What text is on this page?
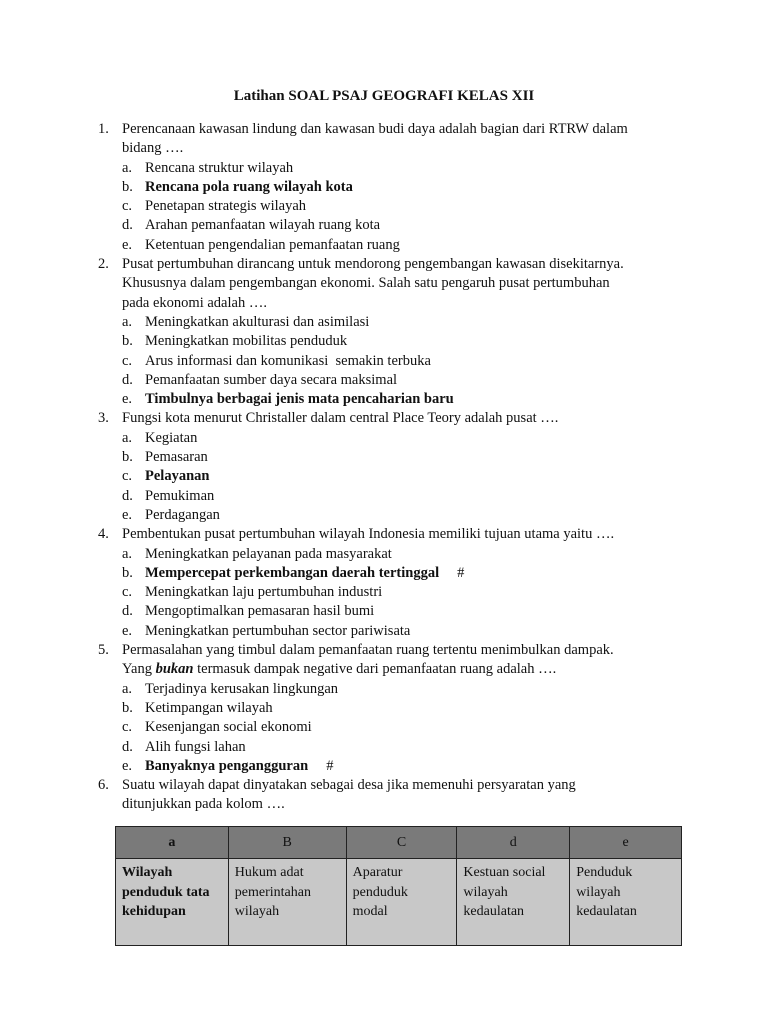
Latihan SOAL PSAJ GEOGRAFI KELAS XII
1. Perencanaan kawasan lindung dan kawasan budi daya adalah bagian dari RTRW dalam
bidang ….
a. Rencana struktur wilayah
b. Rencana pola ruang wilayah kota
c. Penetapan strategis wilayah
d. Arahan pemanfaatan wilayah ruang kota
e. Ketentuan pengendalian pemanfaatan ruang
2. Pusat pertumbuhan dirancang untuk mendorong pengembangan kawasan disekitarnya.
Khususnya dalam pengembangan ekonomi. Salah satu pengaruh pusat pertumbuhan
pada ekonomi adalah ….
a. Meningkatkan akulturasi dan asimilasi
b. Meningkatkan mobilitas penduduk
c. Arus informasi dan komunikasi  semakin terbuka
d. Pemanfaatan sumber daya secara maksimal
e. Timbulnya berbagai jenis mata pencaharian baru
3. Fungsi kota menurut Christaller dalam central Place Teory adalah pusat ….
a. Kegiatan
b. Pemasaran
c. Pelayanan
d. Pemukiman
e. Perdagangan
4. Pembentukan pusat pertumbuhan wilayah Indonesia memiliki tujuan utama yaitu ….
a. Meningkatkan pelayanan pada masyarakat
b. Mempercepat perkembangan daerah tertinggal #
c. Meningkatkan laju pertumbuhan industri
d. Mengoptimalkan pemasaran hasil bumi
e. Meningkatkan pertumbuhan sector pariwisata
5. Permasalahan yang timbul dalam pemanfaatan ruang tertentu menimbulkan dampak.
Yang bukan termasuk dampak negative dari pemanfaatan ruang adalah ….
a. Terjadinya kerusakan lingkungan
b. Ketimpangan wilayah
c. Kesenjangan social ekonomi
d. Alih fungsi lahan
e. Banyaknya pengangguran #
6. Suatu wilayah dapat dinyatakan sebagai desa jika memenuhi persyaratan yang
ditunjukkan pada kolom ….
a	B	C	d	e

Wilayah
penduduk tata
kehidupan	Hukum adat
pemerintahan
wilayah	Aparatur
penduduk
modal	Kestuan social
wilayah
kedaulatan	Penduduk
wilayah
kedaulatan
